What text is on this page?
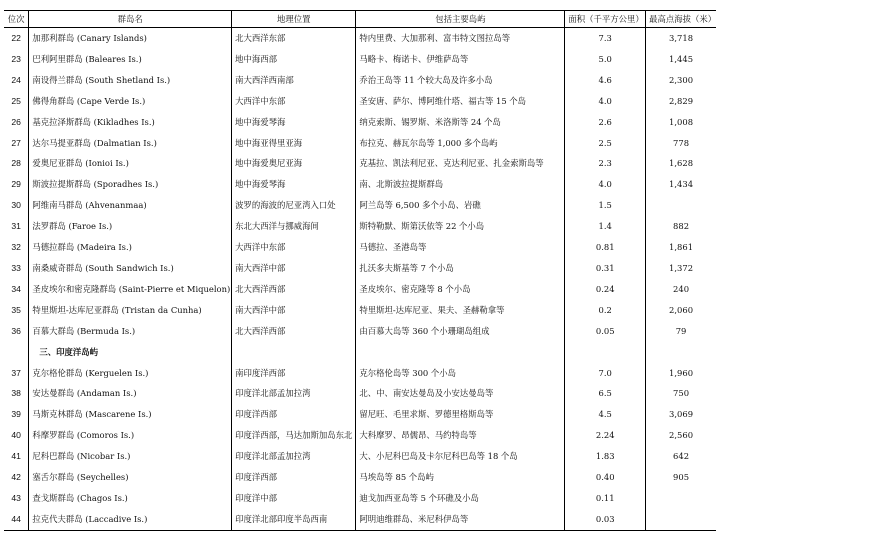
位次	群岛名	地理位置	包括主要岛屿	面积（千平方公里）	最高点海拔（米）
22	加那利群岛 (Canary Islands)	北大西洋东部	特内里费、大加那利、富韦特文图拉岛等	7.3	3,718
23	巴利阿里群岛 (Baleares Is.)	地中海西部	马略卡、梅诺卡、伊维萨岛等	5.0	1,445
24	南设得兰群岛 (South Shetland Is.)	南大西洋西南部	乔治王岛等 11 个较大岛及许多小岛	4.6	2,300
25	佛得角群岛 (Cape Verde Is.)	大西洋中东部	圣安唐、萨尔、博阿维什塔、福古等 15 个岛	4.0	2,829
26	基克拉泽斯群岛 (Kikladhes Is.)	地中海爱琴海	纳克索斯、锡罗斯、米洛斯等 24 个岛	2.6	1,008
27	达尔马提亚群岛 (Dalmatian Is.)	地中海亚得里亚海	布拉克、赫瓦尔岛等 1,000 多个岛屿	2.5	778
28	爱奥尼亚群岛 (Ionioi Is.)	地中海爱奥尼亚海	克基拉、凯法利尼亚、克达利尼亚、扎金索斯岛等	2.3	1,628
29	斯波拉提斯群岛 (Sporadhes Is.)	地中海爱琴海	南、北斯波拉提斯群岛	4.0	1,434
30	阿维南马群岛 (Ahvenanmaa)	波罗的海波的尼亚湾入口处	阿兰岛等 6,500 多个小岛、岩礁	1.5	
31	法罗群岛 (Faroe Is.)	东北大西洋与挪威海间	斯特勒默、斯第沃依等 22 个小岛	1.4	882
32	马德拉群岛 (Madeira Is.)	大西洋中东部	马德拉、圣港岛等	0.81	1,861
33	南桑威奇群岛 (South Sandwich Is.)	南大西洋中部	扎沃多夫斯基等 7 个小岛	0.31	1,372
34	圣皮埃尔和密克隆群岛 (Saint-Pierre et Miquelon)	北大西洋西部	圣皮埃尔、密克隆等 8 个小岛	0.24	240
35	特里斯坦-达库尼亚群岛 (Tristan da Cunha)	南大西洋中部	特里斯坦-达库尼亚、果夫、圣赫勒拿等	0.2	2,060
36	百慕大群岛 (Bermuda Is.)	北大西洋西部	由百慕大岛等 360 个小珊瑚岛组成	0.05	79
	三、印度洋岛屿				
37	克尔格伦群岛 (Kerguelen Is.)	南印度洋西部	克尔格伦岛等 300 个小岛	7.0	1,960
38	安达曼群岛 (Andaman Is.)	印度洋北部孟加拉湾	北、中、南安达曼岛及小安达曼岛等	6.5	750
39	马斯克林群岛 (Mascarene Is.)	印度洋西部	留尼旺、毛里求斯、罗德里格斯岛等	4.5	3,069
40	科摩罗群岛 (Comoros Is.)	印度洋西部，马达加斯加岛东北	大科摩罗、昂儒昂、马约特岛等	2.24	2,560
41	尼科巴群岛 (Nicobar Is.)	印度洋北部孟加拉湾	大、小尼科巴岛及卡尔尼科巴岛等 18 个岛	1.83	642
42	塞舌尔群岛 (Seychelles)	印度洋西部	马埃岛等 85 个岛屿	0.40	905
43	查戈斯群岛 (Chagos Is.)	印度洋中部	迪戈加西亚岛等 5 个环礁及小岛	0.11	
44	拉克代夫群岛 (Laccadive Is.)	印度洋北部印度半岛西南	阿明迪维群岛、米尼科伊岛等	0.03	
